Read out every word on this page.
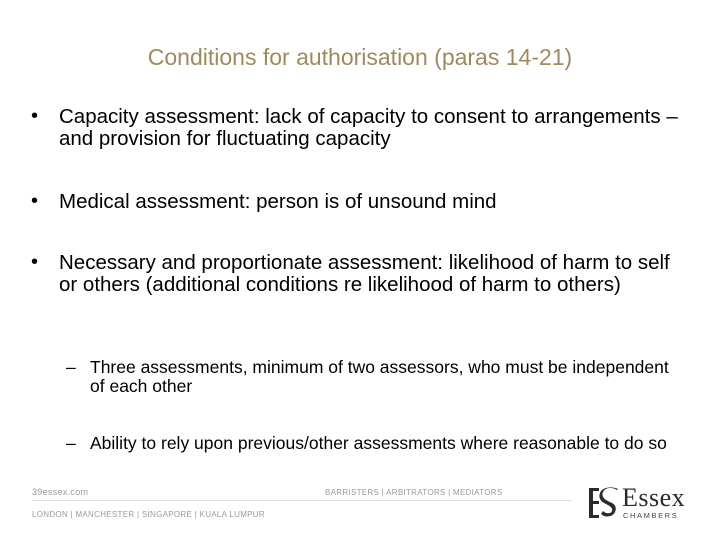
Conditions for authorisation (paras 14-21)
• Capacity assessment: lack of capacity to consent to arrangements – and provision for fluctuating capacity
• Medical assessment: person is of unsound mind
• Necessary and proportionate assessment: likelihood of harm to self or others (additional conditions re likelihood of harm to others)
– Three assessments, minimum of two assessors, who must be independent of each other
– Ability to rely upon previous/other assessments where reasonable to do so
39essex.com	BARRISTERS | ARBITRATORS | MEDIATORS
LONDON | MANCHESTER | SINGAPORE | KUALA LUMPUR
Essex
CHAMBERS
